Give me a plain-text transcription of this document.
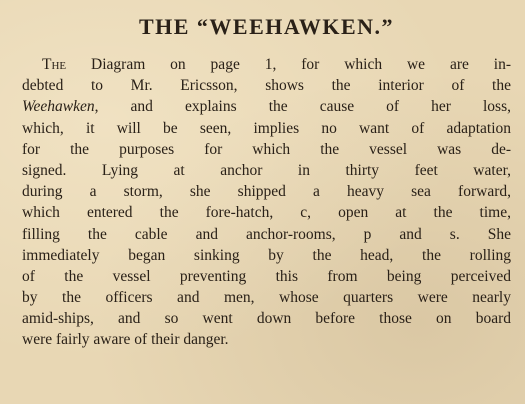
THE “WEEHAWKEN.”
The Diagram on page 1, for which we are in-
debted to Mr. Ericsson, shows the interior of the
Weehawken, and explains the cause of her loss,
which, it will be seen, implies no want of adaptation
for the purposes for which the vessel was de-
signed. Lying at anchor in thirty feet water,
during a storm, she shipped a heavy sea forward,
which entered the fore-hatch, c, open at the time,
filling the cable and anchor-rooms, p and s. She
immediately began sinking by the head, the rolling
of the vessel preventing this from being perceived
by the officers and men, whose quarters were nearly
amid-ships, and so went down before those on board
were fairly aware of their danger.
